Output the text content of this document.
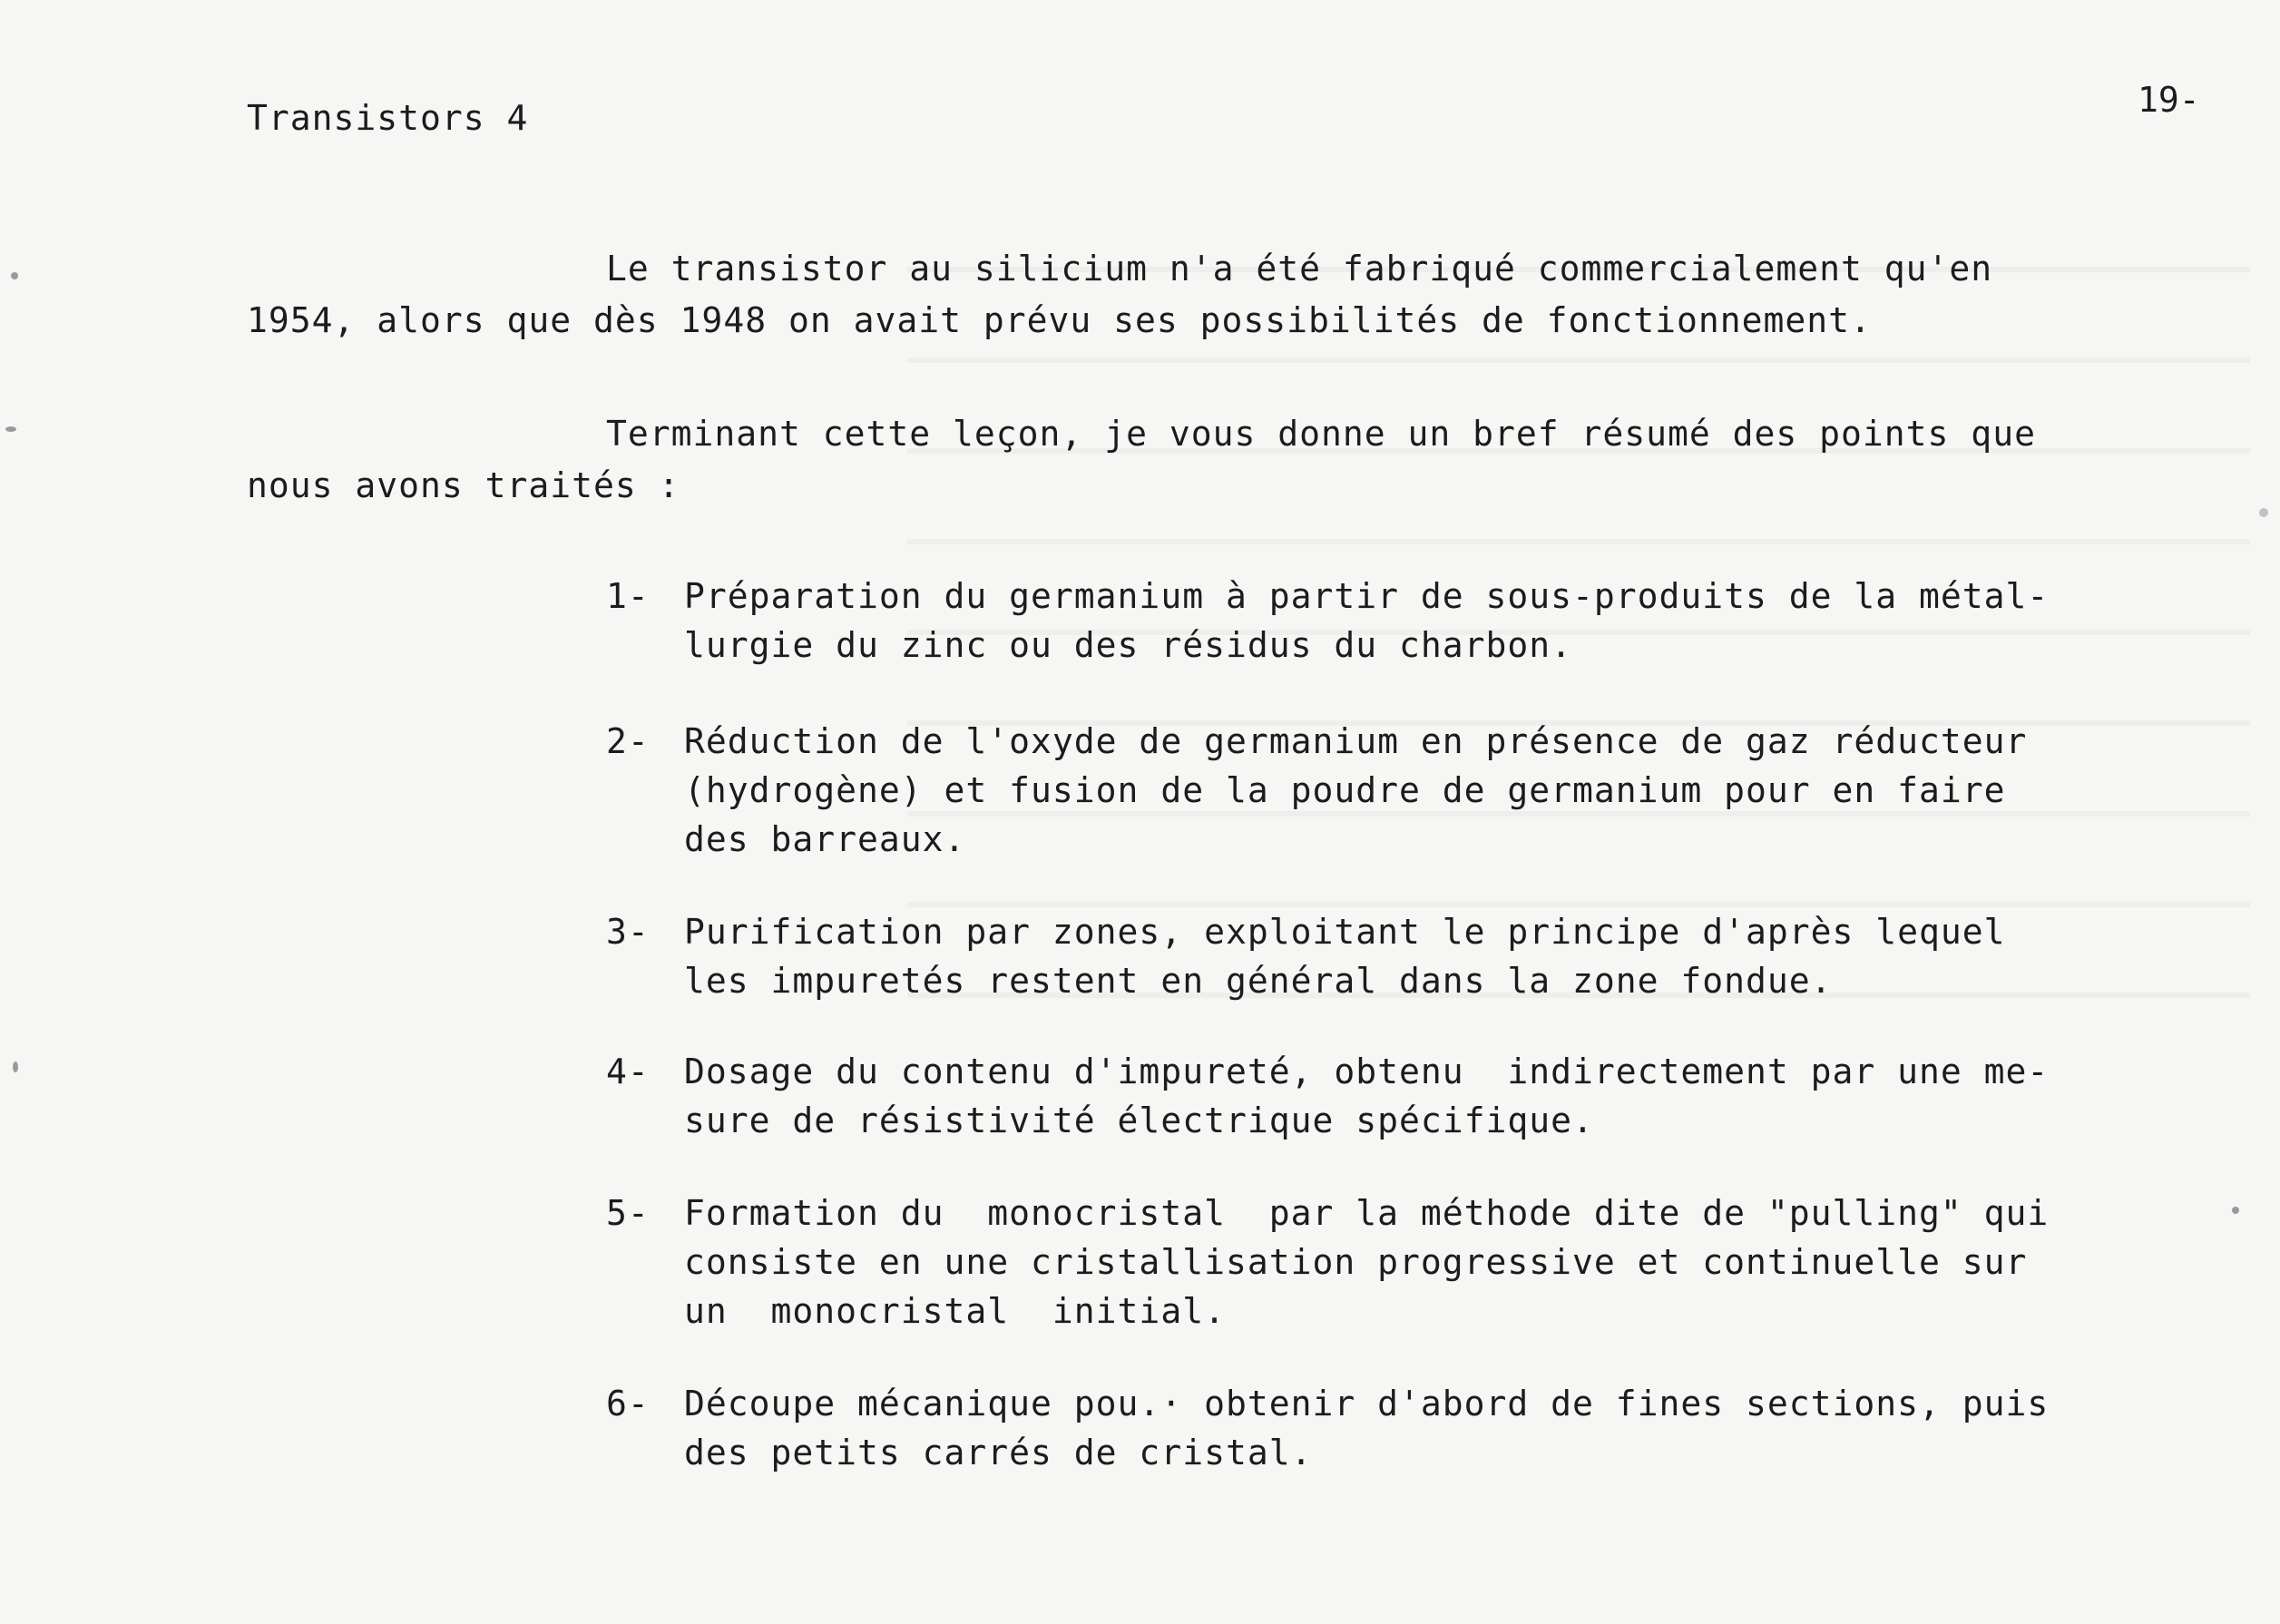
Transistors 4	19-
Le transistor au silicium n'a été fabriqué commercialement qu'en
1954, alors que dès 1948 on avait prévu ses possibilités de fonctionnement.
Terminant cette leçon, je vous donne un bref résumé des points que
nous avons traités :
1-	Préparation du germanium à partir de sous-produits de la métal-
lurgie du zinc ou des résidus du charbon.
2-	Réduction de l'oxyde de germanium en présence de gaz réducteur
(hydrogène) et fusion de la poudre de germanium pour en faire
des barreaux.
3-	Purification par zones, exploitant le principe d'après lequel
les impuretés restent en général dans la zone fondue.
4-	Dosage du contenu d'impureté, obtenu  indirectement par une me-
sure de résistivité électrique spécifique.
5-	Formation du  monocristal  par la méthode dite de "pulling" qui
consiste en une cristallisation progressive et continuelle sur
un  monocristal  initial.
6-	Découpe mécanique pou.· obtenir d'abord de fines sections, puis
des petits carrés de cristal.
